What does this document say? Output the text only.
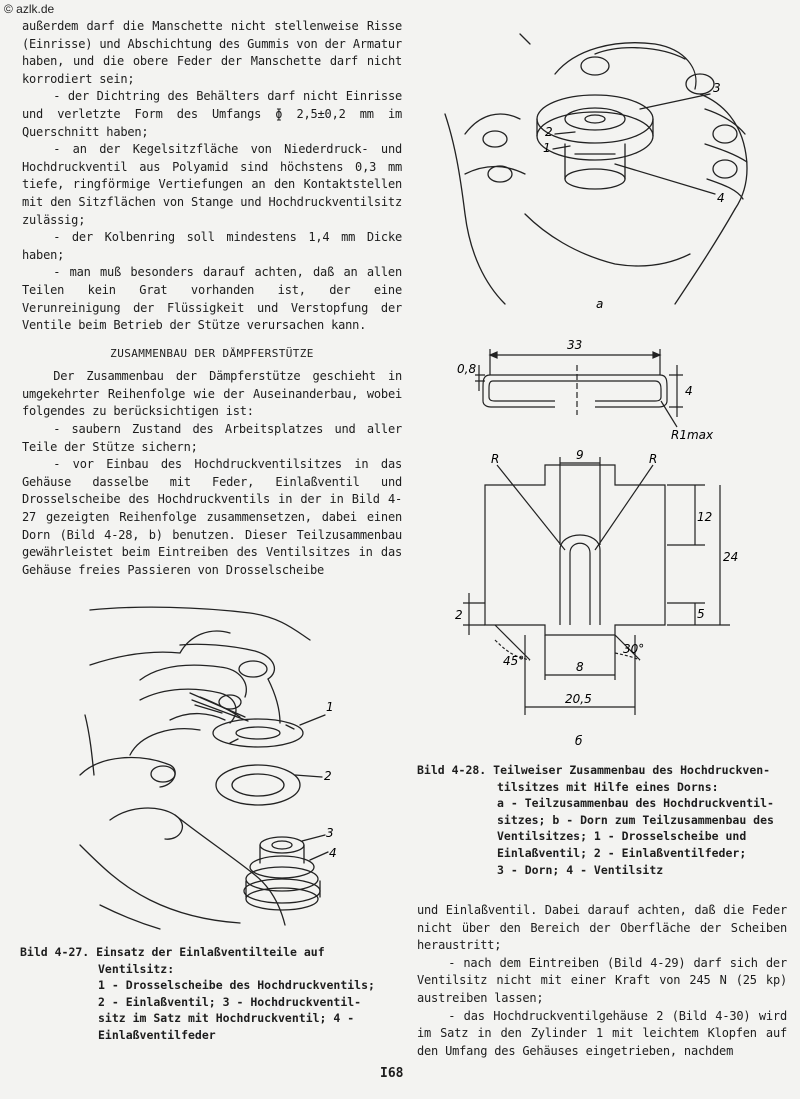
© azlk.de

außerdem darf die Manschette nicht stellenweise Risse (Einrisse) und Abschichtung des Gummis von der Armatur haben, und die obere Feder der Manschette darf nicht korrodiert sein;

- der Dichtring des Behälters darf nicht Einrisse und verletzte Form des Umfangs ɸ 2,5±0,2 mm im Querschnitt haben;

- an der Kegelsitzfläche von Niederdruck- und Hochdruckventil aus Polyamid sind höchstens 0,3 mm tiefe, ringförmige Vertiefungen an den Kontaktstellen mit den Sitzflächen von Stange und Hochdruckventilsitz zulässig;

- der Kolbenring soll mindestens 1,4 mm Dicke haben;

- man muß besonders darauf achten, daß an allen Teilen kein Grat vorhanden ist, der eine Verunreinigung der Flüssigkeit und Verstopfung der Ventile beim Betrieb der Stütze verursachen kann.

ZUSAMMENBAU DER DÄMPFERSTÜTZE

Der Zusammenbau der Dämpferstütze geschieht in umgekehrter Reihenfolge wie der Auseinanderbau, wobei folgendes zu berücksichtigen ist:

- saubern Zustand des Arbeitsplatzes und aller Teile der Stütze sichern;

- vor Einbau des Hochdruckventilsitzes in das Gehäuse dasselbe mit Feder, Einlaßventil und Drosselscheibe des Hochdruckventils in der in Bild 4-27 gezeigten Reihenfolge zusammensetzen, dabei einen Dorn (Bild 4-28, b) benutzen. Dieser Teilzusammenbau gewährleistet beim Eintreiben des Ventilsitzes in das Gehäuse freies Passieren von Drosselscheibe

1
2
3
4
Bild 4-27. Einsatz der Einlaßventilteile auf
Ventilsitz:
1 - Drosselscheibe des Hochdruckventils;
2 - Einlaßventil; 3 - Hochdruckventil-
sitz im Satz mit Hochdruckventil; 4 -
Einlaßventilfeder
3
2
1
4
a
33
0,8
4
R1max
R	R
9
12
24
2	5
45°
30°
8
20,5
б
Bild 4-28. Teilweiser Zusammenbau des Hochdruckven-
tilsitzes mit Hilfe eines Dorns:
a - Teilzusammenbau des Hochdruckventil-
sitzes; b - Dorn zum Teilzusammenbau des
Ventilsitzes; 1 - Drosselscheibe und
Einlaßventil; 2 - Einlaßventilfeder;
3 - Dorn; 4 - Ventilsitz

und Einlaßventil. Dabei darauf achten, daß die Feder nicht über den Bereich der Oberfläche der Scheiben heraustritt;

- nach dem Eintreiben (Bild 4-29) darf sich der Ventilsitz nicht mit einer Kraft von 245 N (25 kp) austreiben lassen;

- das Hochdruckventilgehäuse 2 (Bild 4-30) wird im Satz in den Zylinder 1 mit leichtem Klopfen auf den Umfang des Gehäuses eingetrieben, nachdem

I68
